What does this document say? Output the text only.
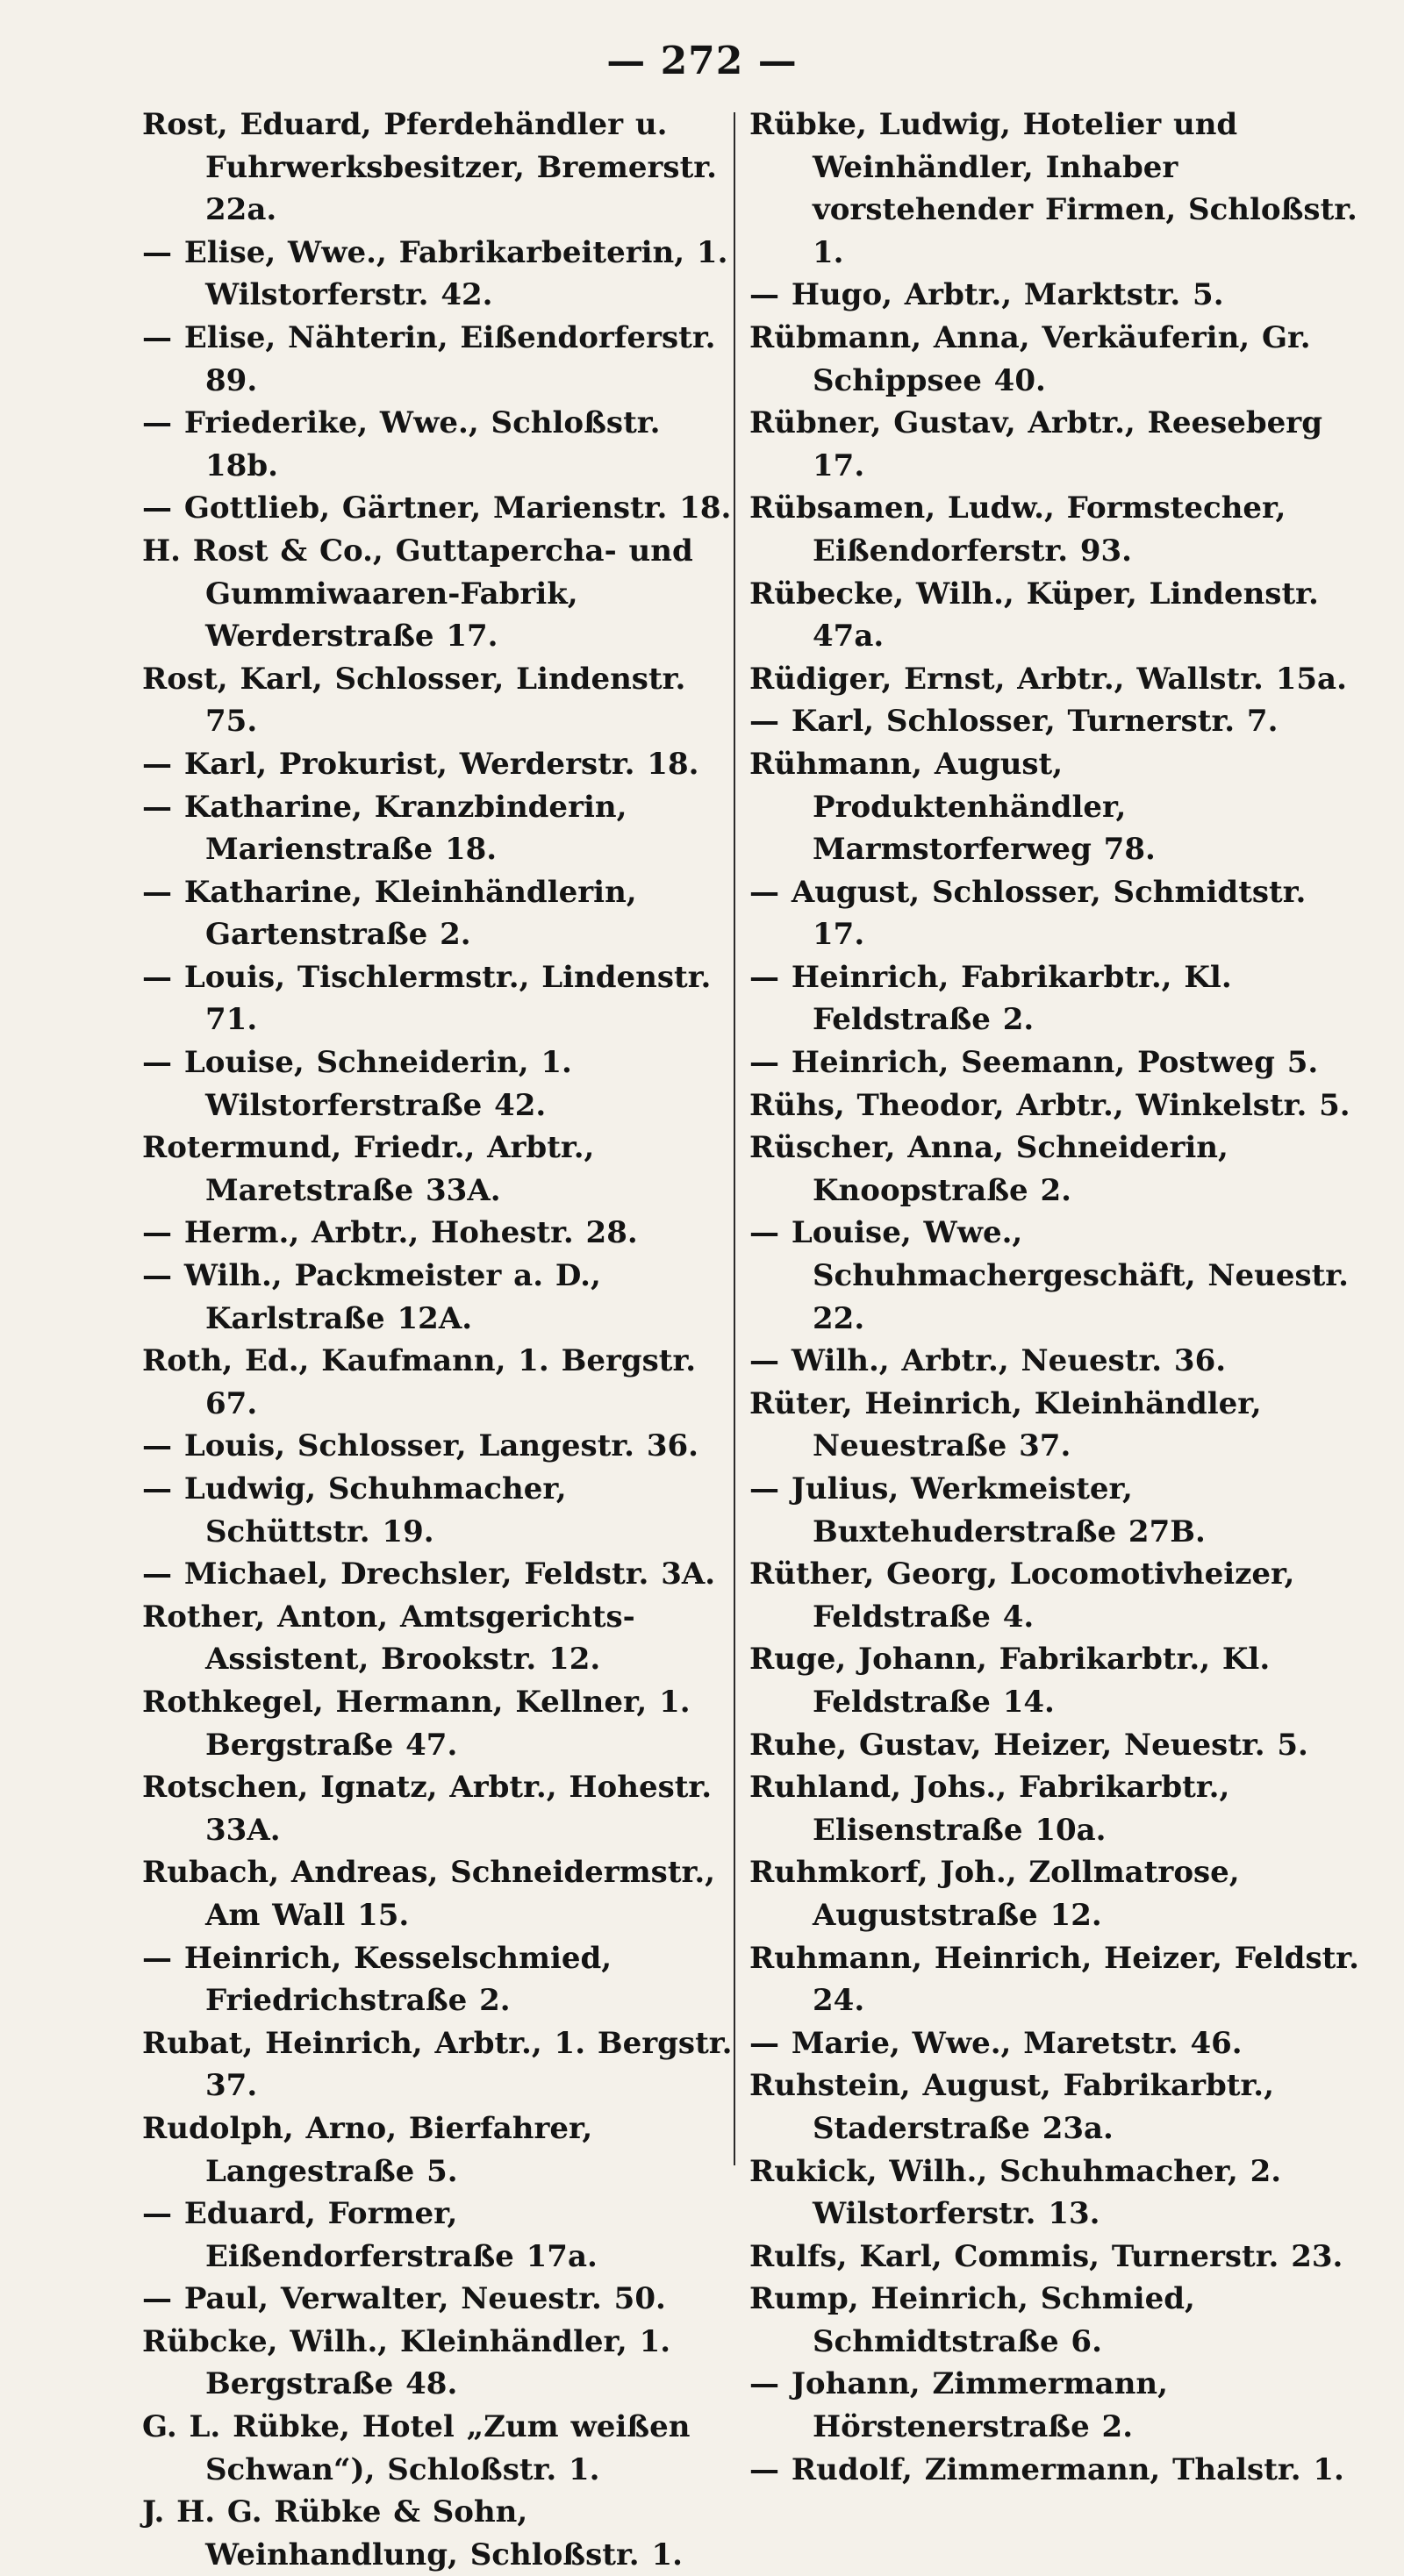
— 272 —

Rost, Eduard, Pferdehändler u. Fuhrwerksbesitzer, Bremerstr. 22a.

— Elise, Wwe., Fabrikarbeiterin, 1. Wilstorferstr. 42.

— Elise, Nähterin, Eißendorferstr. 89.

— Friederike, Wwe., Schloßstr. 18b.

— Gottlieb, Gärtner, Marienstr. 18.

H. Rost & Co., Guttapercha- und Gummiwaaren-Fabrik, Werderstraße 17.

Rost, Karl, Schlosser, Lindenstr. 75.

— Karl, Prokurist, Werderstr. 18.

— Katharine, Kranzbinderin, Marienstraße 18.

— Katharine, Kleinhändlerin, Gartenstraße 2.

— Louis, Tischlermstr., Lindenstr. 71.

— Louise, Schneiderin, 1. Wilstorferstraße 42.

Rotermund, Friedr., Arbtr., Maretstraße 33A.

— Herm., Arbtr., Hohestr. 28.

— Wilh., Packmeister a. D., Karlstraße 12A.

Roth, Ed., Kaufmann, 1. Bergstr. 67.

— Louis, Schlosser, Langestr. 36.

— Ludwig, Schuhmacher, Schüttstr. 19.

— Michael, Drechsler, Feldstr. 3A.

Rother, Anton, Amtsgerichts-Assistent, Brookstr. 12.

Rothkegel, Hermann, Kellner, 1. Bergstraße 47.

Rotschen, Ignatz, Arbtr., Hohestr. 33A.

Rubach, Andreas, Schneidermstr., Am Wall 15.

— Heinrich, Kesselschmied, Friedrichstraße 2.

Rubat, Heinrich, Arbtr., 1. Bergstr. 37.

Rudolph, Arno, Bierfahrer, Langestraße 5.

— Eduard, Former, Eißendorferstraße 17a.

— Paul, Verwalter, Neuestr. 50.

Rübcke, Wilh., Kleinhändler, 1. Bergstraße 48.

G. L. Rübke, Hotel „Zum weißen Schwan“), Schloßstr. 1.

J. H. G. Rübke & Sohn, Weinhandlung, Schloßstr. 1.

Rübke, Ludwig, Hotelier und Weinhändler, Inhaber vorstehender Firmen, Schloßstr. 1.

— Hugo, Arbtr., Marktstr. 5.

Rübmann, Anna, Verkäuferin, Gr. Schippsee 40.

Rübner, Gustav, Arbtr., Reeseberg 17.

Rübsamen, Ludw., Formstecher, Eißendorferstr. 93.

Rübecke, Wilh., Küper, Lindenstr. 47a.

Rüdiger, Ernst, Arbtr., Wallstr. 15a.

— Karl, Schlosser, Turnerstr. 7.

Rühmann, August, Produktenhändler, Marmstorferweg 78.

— August, Schlosser, Schmidtstr. 17.

— Heinrich, Fabrikarbtr., Kl. Feldstraße 2.

— Heinrich, Seemann, Postweg 5.

Rühs, Theodor, Arbtr., Winkelstr. 5.

Rüscher, Anna, Schneiderin, Knoopstraße 2.

— Louise, Wwe., Schuhmachergeschäft, Neuestr. 22.

— Wilh., Arbtr., Neuestr. 36.

Rüter, Heinrich, Kleinhändler, Neuestraße 37.

— Julius, Werkmeister, Buxtehuderstraße 27B.

Rüther, Georg, Locomotivheizer, Feldstraße 4.

Ruge, Johann, Fabrikarbtr., Kl. Feldstraße 14.

Ruhe, Gustav, Heizer, Neuestr. 5.

Ruhland, Johs., Fabrikarbtr., Elisenstraße 10a.

Ruhmkorf, Joh., Zollmatrose, Auguststraße 12.

Ruhmann, Heinrich, Heizer, Feldstr. 24.

— Marie, Wwe., Maretstr. 46.

Ruhstein, August, Fabrikarbtr., Staderstraße 23a.

Rukick, Wilh., Schuhmacher, 2. Wilstorferstr. 13.

Rulfs, Karl, Commis, Turnerstr. 23.

Rump, Heinrich, Schmied, Schmidtstraße 6.

— Johann, Zimmermann, Hörstenerstraße 2.

— Rudolf, Zimmermann, Thalstr. 1.
